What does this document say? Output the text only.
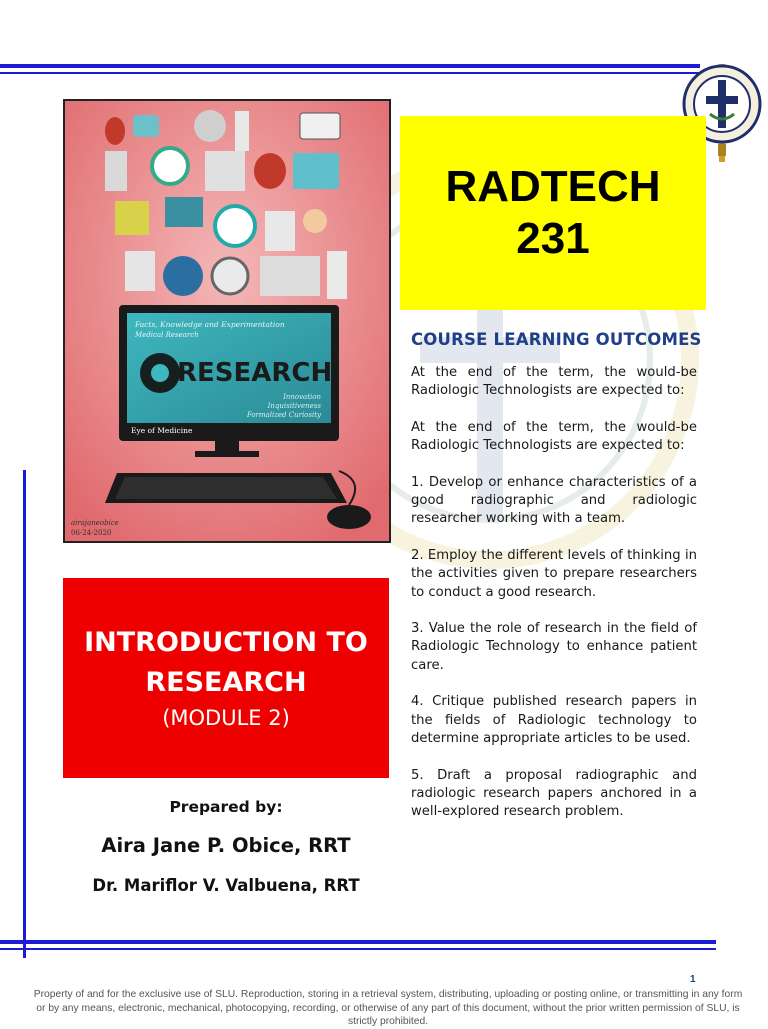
Facts, Knowledge and Experimentation
Medical Research
RESEARCH
Innovation
Inquisitiveness
Formalized Curiosity
Eye of Medicine
airajaneobice
06-24-2020
RADTECH
231
COURSE LEARNING OUTCOMES

At the end of the term, the would-be Radiologic Technologists are expected to:

At the end of the term, the would-be Radiologic Technologists are expected to:

1. Develop or enhance characteristics of a good radiographic and radiologic researcher working with a team.

2. Employ the different levels of thinking in the activities given to prepare researchers to conduct a good research.

3. Value the role of research in the field of Radiologic Technology to enhance patient care.

4. Critique published research papers in the fields of Radiologic technology to determine appropriate articles to be used.

5. Draft a proposal radiographic and radiologic research papers anchored in a well-explored research problem.

INTRODUCTION TO
RESEARCH
(MODULE 2)
Prepared by:
Aira Jane P. Obice, RRT
Dr. Mariflor V. Valbuena, RRT
1
Property of and for the exclusive use of SLU. Reproduction, storing in a retrieval system, distributing, uploading or posting online, or transmitting in any form or by any means, electronic, mechanical, photocopying, recording, or otherwise of any part of this document, without the prior written permission of SLU, is strictly prohibited.
